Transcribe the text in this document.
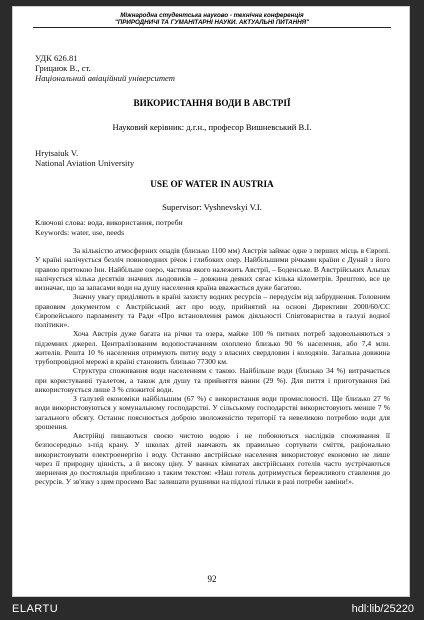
Міжнародна студентська науково - технічна конференція
"ПРИРОДНИЧІ ТА ГУМАНІТАРНІ НАУКИ. АКТУАЛЬНІ ПИТАННЯ"
УДК 626.81
Грицаюк В., ст.
Національний авіаційний університет
ВИКОРИСТАННЯ ВОДИ В АВСТРІЇ
Науковий керівник: д.г.н., професор Вишневський В.І.
Hrytsaiuk V.
National Aviation University
USE OF WATER IN AUSTRIA
Supervisor: Vyshnevskyi V.I.
Ключові слова: вода, використання, потреби
Keywords: water, use, needs

За кількістю атмосферних опадів (близько 1100 мм) Австрія займає одне з перших місць в Європі. У країні налічується безліч повноводних річок і глибоких озер. Найбільшими річками країни є Дунай з його правою притокою Інн. Найбільше озеро, частина якого належить Австрії, – Боденське. В Австрійських Альпах налічується кілька десятків значних льодовиків – довжина деяких сягає кілька кілометрів. Зрештою, все це визначає, що за запасами води на душу населення країна вважається дуже багатою.

Значну увагу приділяють в країні захисту водних ресурсів – передусім від забруднення. Головним правовим документом є Австрійський акт про воду, прийнятий на основі Директиви 2000/60/СС Європейського парламенту та Ради «Про встановлення рамок діяльності Співтовариства в галузі водної політики».

Хоча Австрія дуже багата на річки та озера, майже 100 % питних потреб задовольняються з підземних джерел. Централізованим водопостачанням охоплено близько 90 % населення, або 7,4 млн. жителів. Решта 10 % населення отримують питну воду з власних свердловин і колодязів. Загальна довжина трубопровідної мережі в країні становить близько 77300 км.

Структура споживання води населенням є такою. Найбільше води (близько 34 %) витрачається при користуванні туалетом, а також для душу та прийняття ванни (29 %). Для пиття і приготування їжі використовується лише 3 % спожитої води.

З галузей економіки найбільшим (67 %) є використання води промисловості. Ще близько 27 % води використовуються у комунальному господарстві. У сільському господарстві використовують менше 7 % загального обсягу. Останнє пояснюється доброю зволоженістю території та невеликою потребою води для зрошення.

Австрійці пишаються своєю чистою водою і не побоюються наслідків споживання її безпосередньо з-під крану. У школах дітей навчають як правильно сортувати сміття, раціонально використовувати електроенергію і воду. Останню австрійське населення використовує економно не лише через її природну цінність, а й високу ціну. У ваннах кімнатах австрійських готелів часто зустрічаються звернення до постояльців приблизно з таким текстом: «Наш готель дотримується бережливого ставлення до ресурсів. У зв'язку з цим просимо Вас залишати рушники на підлозі тільки в разі потреби заміни!».

92
ELARTU	hdl:lib/25220
